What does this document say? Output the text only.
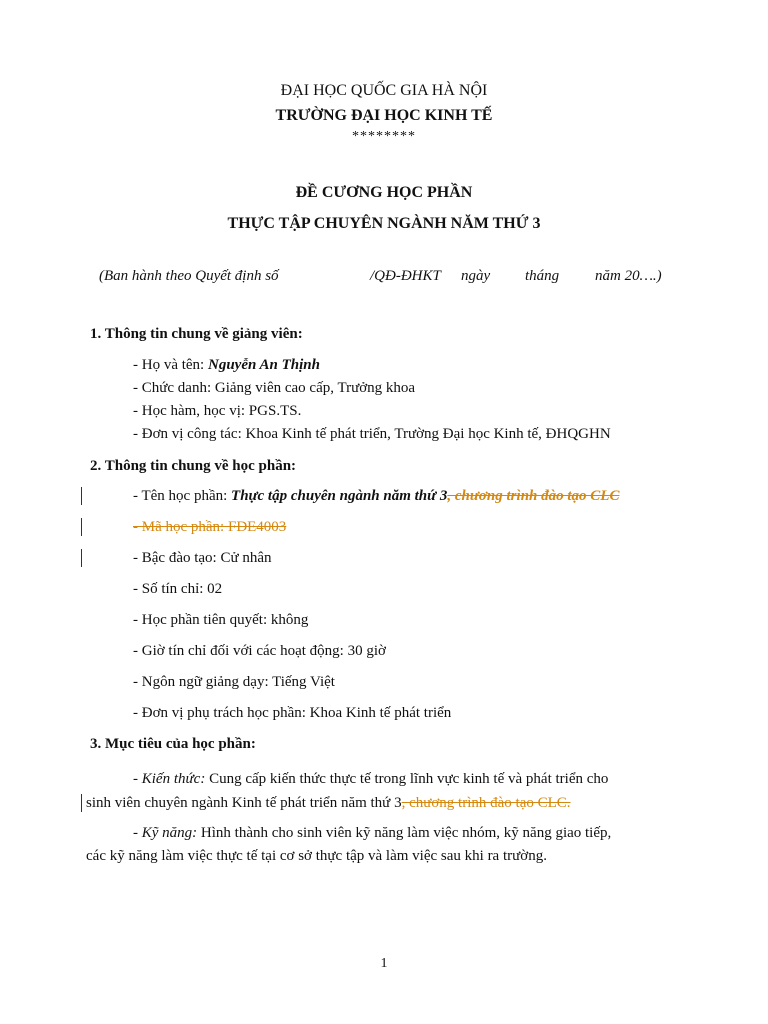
ĐẠI HỌC QUỐC GIA HÀ NỘI
TRƯỜNG ĐẠI HỌC KINH TẾ
********
ĐỀ CƯƠNG HỌC PHẦN
THỰC TẬP CHUYÊN NGÀNH NĂM THỨ 3
(Ban hành theo Quyết định số	/QĐ-ĐHKT ngày tháng năm 20….)
1. Thông tin chung về giảng viên:
- Họ và tên: Nguyễn An Thịnh
- Chức danh: Giảng viên cao cấp, Trưởng khoa
- Học hàm, học vị: PGS.TS.
- Đơn vị công tác: Khoa Kinh tế phát triển, Trường Đại học Kinh tế, ĐHQGHN
2. Thông tin chung về học phần:
- Tên học phần: Thực tập chuyên ngành năm thứ 3, chương trình đào tạo CLC
- Mã học phần: FDE4003
- Bậc đào tạo: Cử nhân
- Số tín chỉ: 02
- Học phần tiên quyết: không
- Giờ tín chỉ đối với các hoạt động: 30 giờ
- Ngôn ngữ giảng dạy: Tiếng Việt
- Đơn vị phụ trách học phần: Khoa Kinh tế phát triển
3. Mục tiêu của học phần:
- Kiến thức: Cung cấp kiến thức thực tế trong lĩnh vực kinh tế và phát triển cho
sinh viên chuyên ngành Kinh tế phát triển năm thứ 3, chương trình đào tạo CLC.
- Kỹ năng: Hình thành cho sinh viên kỹ năng làm việc nhóm, kỹ năng giao tiếp,
các kỹ năng làm việc thực tế tại cơ sở thực tập và làm việc sau khi ra trường.
1
